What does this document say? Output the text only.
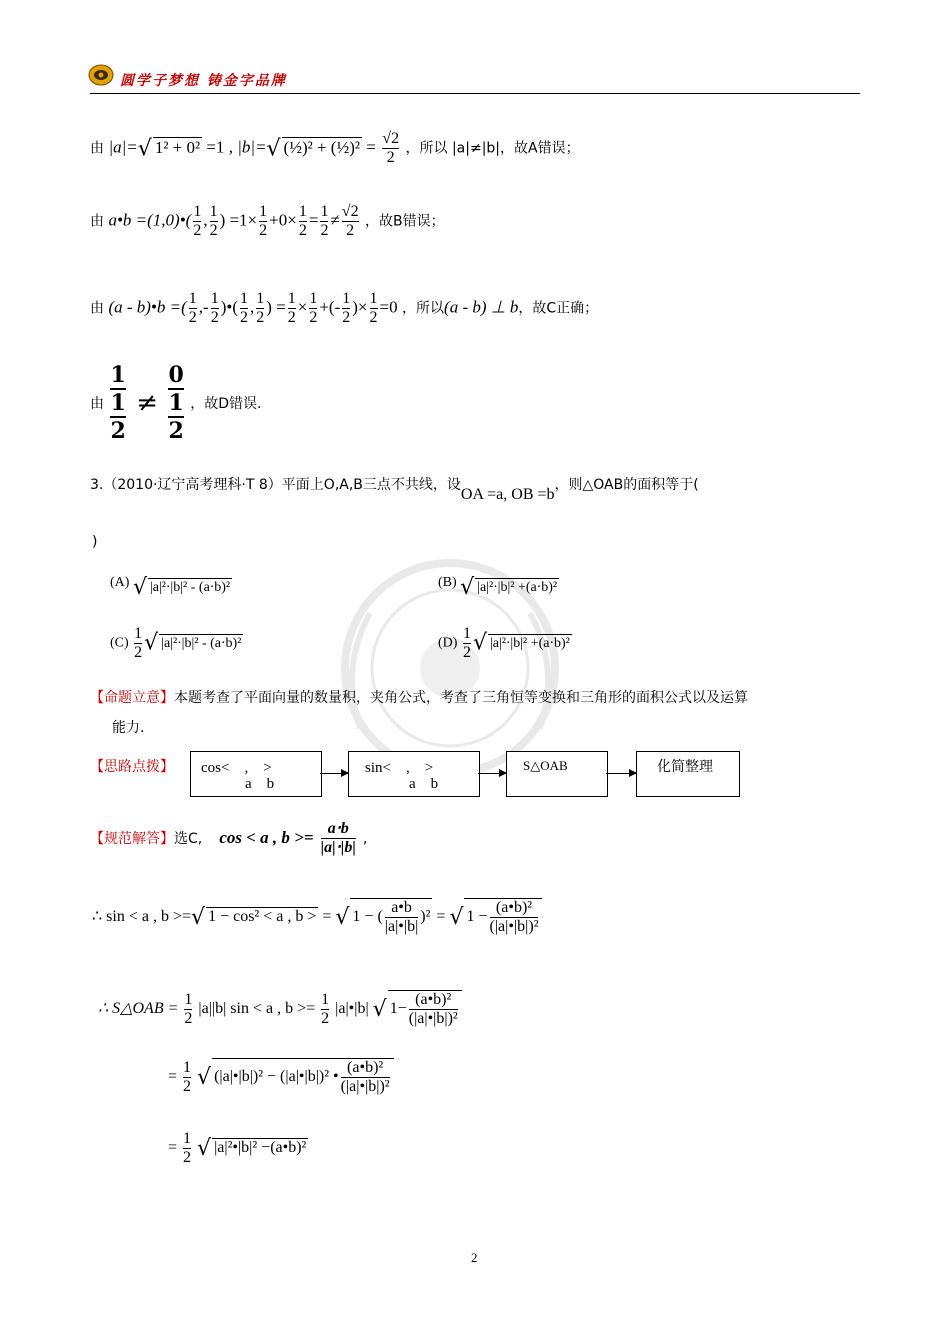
圆学子梦想 铸金字品牌
由 |a|=√ 1² + 0² =1 , |b|=√ (½)² + (½)² = $\frac{√2}{2}$ ，所以 |a|≠|b|，故A错误；
由 a•b =(1,0)•( $\frac{1}{2}$ , $\frac{1}{2}$ ) $=1\times \frac{1}{2} +0\times \frac{1}{2} = \frac{1}{2} \ne \frac{√2}{2}$ ，故B错误；
由 (a - b)•b =( $\frac{1}{2}$ ,- $\frac{1}{2}$ )•( $\frac{1}{2}$ , $\frac{1}{2}$ ) = $\frac{1}{2} \times \frac{1}{2}$ +(- $\frac{1}{2}$ )× $\frac{1}{2} =0$ ，所以(a - b) ⊥ b，故C正确；
由 $\frac{1}{\frac{1}{2}} \ne \frac{0}{\frac{1}{2}}$ ，故D错误.
3.（2010·辽宁高考理科·T 8）平面上O,A,B三点不共线，设OA =a, OB =b，则△OAB的面积等于(
)
(A) √ |a|²⋅|b|² - (a⋅b)²	(B) √ |a|²⋅|b|² +(a⋅b)²
$(C) \frac{1}{2}$ √ |a|²⋅|b|² - (a⋅b)²	$(D) \frac{1}{2}$ √ |a|²⋅|b|² +(a⋅b)²
【命题立意】本题考查了平面向量的数量积，夹角公式，考查了三角恒等变换和三角形的面积公式以及运算
能力.
【思路点拨】 cos<　,　>
a　b
sin<　,　>
a　b
S△OAB	化简整理
【规范解答】选C, cos < a , $b >= \frac{a\cdot b}{|a|\cdot|b|}$ ,
∴ sin < a , b >=√ 1 − cos² < a , b > = √ 1 − ( $\frac{a•b}{|a|•|b|} )^2$ = √ $1 - \frac{\text{(a•b)²}}{\text{(|a|•|b|)²}}$
∴ S△OAB = $\frac{1}{2} |a||b|$ sin < a , $b >= \frac{1}{2}$ |a|•|b| √ $1- \frac{\text{(a•b)²}}{\text{(|a|•|b|)²}}$
= $\frac{1}{2}$ √ (|a|•|b|)² − (|a|•|b|)² • $\frac{\text{(a•b)²}}{\text{(|a|•|b|)²}}$
= $\frac{1}{2}$ √ |a|²•|b|² −(a•b)²
2
